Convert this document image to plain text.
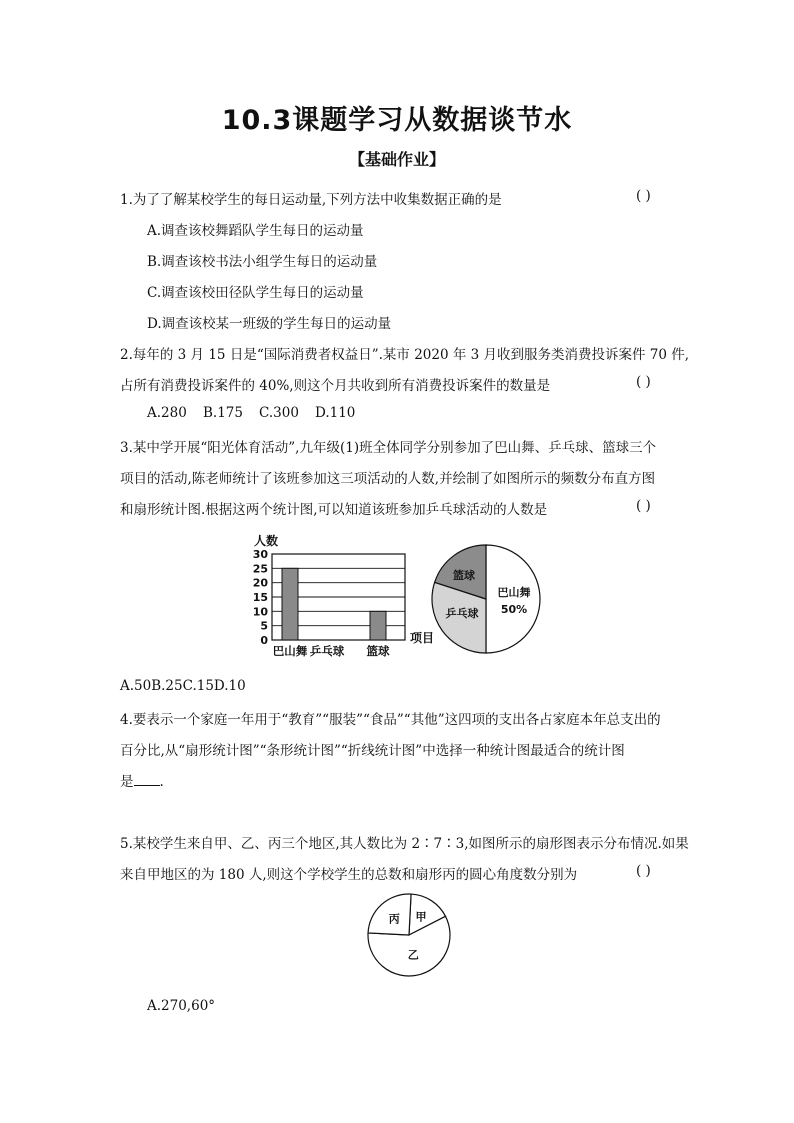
10.3课题学习从数据谈节水
【基础作业】
1.为了了解某校学生的每日运动量,下列方法中收集数据正确的是	( )
A.调查该校舞蹈队学生每日的运动量
B.调查该校书法小组学生每日的运动量
C.调查该校田径队学生每日的运动量
D.调查该校某一班级的学生每日的运动量
2.每年的 3 月 15 日是“国际消费者权益日”.某市 2020 年 3 月收到服务类消费投诉案件 70 件,
占所有消费投诉案件的 40%,则这个月共收到所有消费投诉案件的数量是	( )
A.280 B.175 C.300 D.110
3.某中学开展“阳光体育活动”,九年级(1)班全体同学分别参加了巴山舞、乒乓球、篮球三个
项目的活动,陈老师统计了该班参加这三项活动的人数,并绘制了如图所示的频数分布直方图
和扇形统计图.根据这两个统计图,可以知道该班参加乒乓球活动的人数是	( )
0
5
10
15
20
25
30
人数
项目
巴山舞 乒乓球 篮球
巴山舞
50%
篮球
乒乓球
A.50B.25C.15D.10
4.要表示一个家庭一年用于“教育”“服装”“食品”“其他”这四项的支出各占家庭本年总支出的
百分比,从“扇形统计图”“条形统计图”“折线统计图”中选择一种统计图最适合的统计图
是 .
5.某校学生来自甲、乙、丙三个地区,其人数比为 2∶7∶3,如图所示的扇形图表示分布情况.如果
来自甲地区的为 180 人,则这个学校学生的总数和扇形丙的圆心角度数分别为	( )
甲
乙
丙
A.270,60°
